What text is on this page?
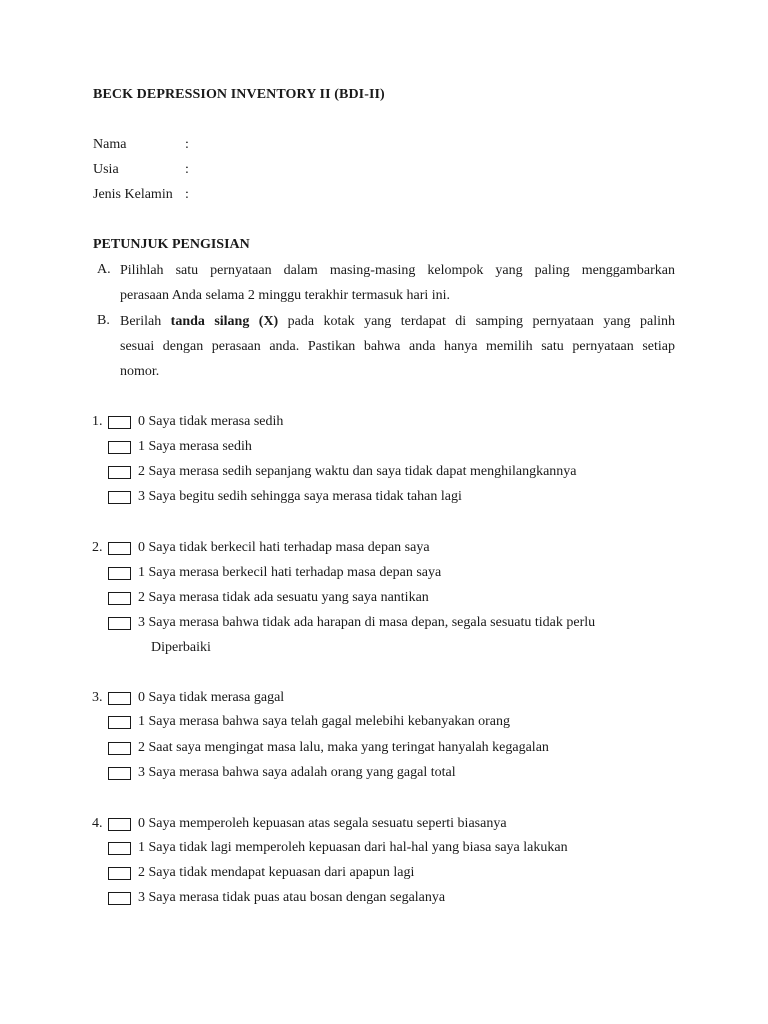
BECK DEPRESSION INVENTORY II (BDI-II)
Nama	:
Usia	:
Jenis Kelamin :
PETUNJUK PENGISIAN
A. Pilihlah satu pernyataan dalam masing-masing kelompok yang paling menggambarkan
perasaan Anda selama 2 minggu terakhir termasuk hari ini.
B. Berilah tanda silang (X) pada kotak yang terdapat di samping pernyataan yang palinh
sesuai dengan perasaan anda. Pastikan bahwa anda hanya memilih satu pernyataan setiap
nomor.
1.	0 Saya tidak merasa sedih
1 Saya merasa sedih
2 Saya merasa sedih sepanjang waktu dan saya tidak dapat menghilangkannya
3 Saya begitu sedih sehingga saya merasa tidak tahan lagi
2.	0 Saya tidak berkecil hati terhadap masa depan saya
1 Saya merasa berkecil hati terhadap masa depan saya
2 Saya merasa tidak ada sesuatu yang saya nantikan
3 Saya merasa bahwa tidak ada harapan di masa depan, segala sesuatu tidak perlu
Diperbaiki
3.	0 Saya tidak merasa gagal
1 Saya merasa bahwa saya telah gagal melebihi kebanyakan orang
2 Saat saya mengingat masa lalu, maka yang teringat hanyalah kegagalan
3 Saya merasa bahwa saya adalah orang yang gagal total
4.	0 Saya memperoleh kepuasan atas segala sesuatu seperti biasanya
1 Saya tidak lagi memperoleh kepuasan dari hal-hal yang biasa saya lakukan
2 Saya tidak mendapat kepuasan dari apapun lagi
3 Saya merasa tidak puas atau bosan dengan segalanya
